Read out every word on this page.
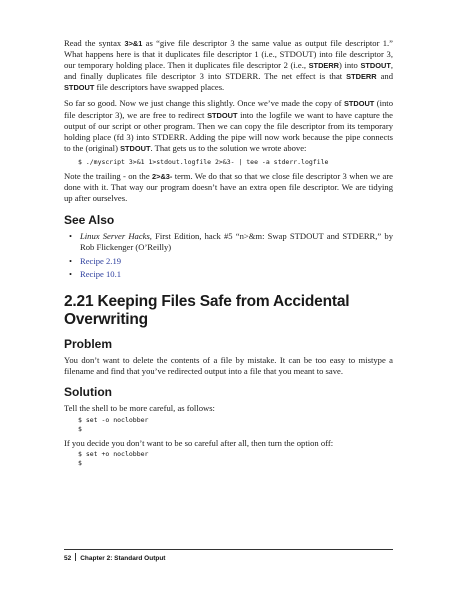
Read the syntax 3>&1 as “give file descriptor 3 the same value as output file descriptor 1.” What happens here is that it duplicates file descriptor 1 (i.e., STDOUT) into file descriptor 3, our temporary holding place. Then it duplicates file descriptor 2 (i.e., STDERR) into STDOUT, and finally duplicates file descriptor 3 into STDERR. The net effect is that STDERR and STDOUT file descriptors have swapped places.

So far so good. Now we just change this slightly. Once we’ve made the copy of STDOUT (into file descriptor 3), we are free to redirect STDOUT into the logfile we want to have capture the output of our script or other program. Then we can copy the file descriptor from its temporary holding place (fd 3) into STDERR. Adding the pipe will now work because the pipe connects to the (original) STDOUT. That gets us to the solution we wrote above:

$ ./myscript 3>&1 1>stdout.logfile 2>&3- | tee -a stderr.logfile

Note the trailing - on the 2>&3- term. We do that so that we close file descriptor 3 when we are done with it. That way our program doesn’t have an extra open file descriptor. We are tidying up after ourselves.

See Also
• Linux Server Hacks, First Edition, hack #5 “n>&m: Swap STDOUT and STDERR,” by Rob Flickenger (O’Reilly)
• Recipe 2.19
• Recipe 10.1
2.21 Keeping Files Safe from Accidental Overwriting
Problem

You don’t want to delete the contents of a file by mistake. It can be too easy to mistype a filename and find that you’ve redirected output into a file that you meant to save.

Solution

Tell the shell to be more careful, as follows:

$ set -o noclobber
$

If you decide you don’t want to be so careful after all, then turn the option off:

$ set +o noclobber
$
52 Chapter 2: Standard Output
